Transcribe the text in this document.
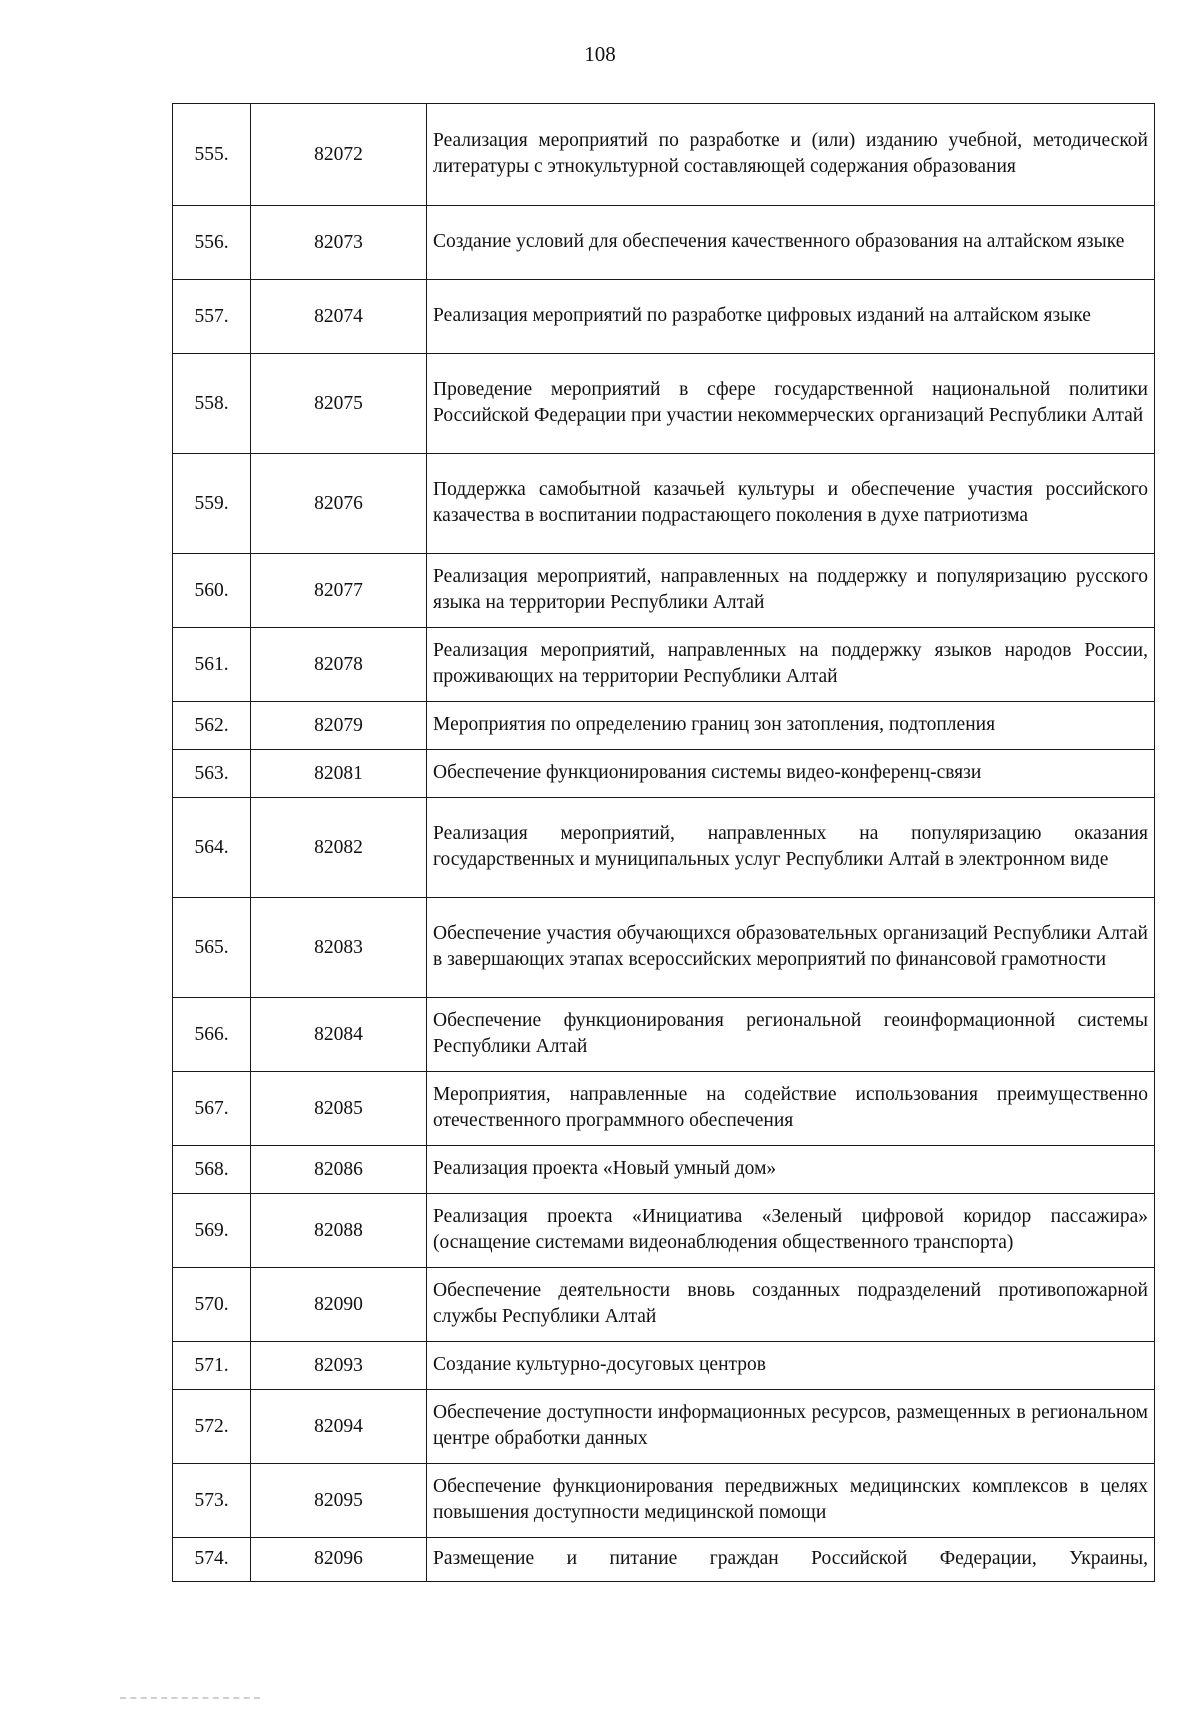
108
555.	82072	Реализация мероприятий по разработке и (или) изданию учебной, методической литературы с этнокультурной составляющей содержания образования
556.	82073	Создание условий для обеспечения качественного образования на алтайском языке
557.	82074	Реализация мероприятий по разработке цифровых изданий на алтайском языке
558.	82075	Проведение мероприятий в сфере государственной национальной политики Российской Федерации при участии некоммерческих организаций Республики Алтай
559.	82076	Поддержка самобытной казачьей культуры и обеспечение участия российского казачества в воспитании подрастающего поколения в духе патриотизма
560.	82077	Реализация мероприятий, направленных на поддержку и популяризацию русского языка на территории Республики Алтай
561.	82078	Реализация мероприятий, направленных на поддержку языков народов России, проживающих на территории Республики Алтай
562.	82079	Мероприятия по определению границ зон затопления, подтопления
563.	82081	Обеспечение функционирования системы видео-конференц-связи
564.	82082	Реализация мероприятий, направленных на популяризацию оказания государственных и муниципальных услуг Республики Алтай в электронном виде
565.	82083	Обеспечение участия обучающихся образовательных организаций Республики Алтай в завершающих этапах всероссийских мероприятий по финансовой грамотности
566.	82084	Обеспечение функционирования региональной геоинформационной системы Республики Алтай
567.	82085	Мероприятия, направленные на содействие использования преимущественно отечественного программного обеспечения
568.	82086	Реализация проекта «Новый умный дом»
569.	82088	Реализация проекта «Инициатива «Зеленый цифровой коридор пассажира» (оснащение системами видеонаблюдения общественного транспорта)
570.	82090	Обеспечение деятельности вновь созданных подразделений противопожарной службы Республики Алтай
571.	82093	Создание культурно-досуговых центров
572.	82094	Обеспечение доступности информационных ресурсов, размещенных в региональном центре обработки данных
573.	82095	Обеспечение функционирования передвижных медицинских комплексов в целях повышения доступности медицинской помощи
574.	82096	Размещение и питание граждан Российской Федерации, Украины,
